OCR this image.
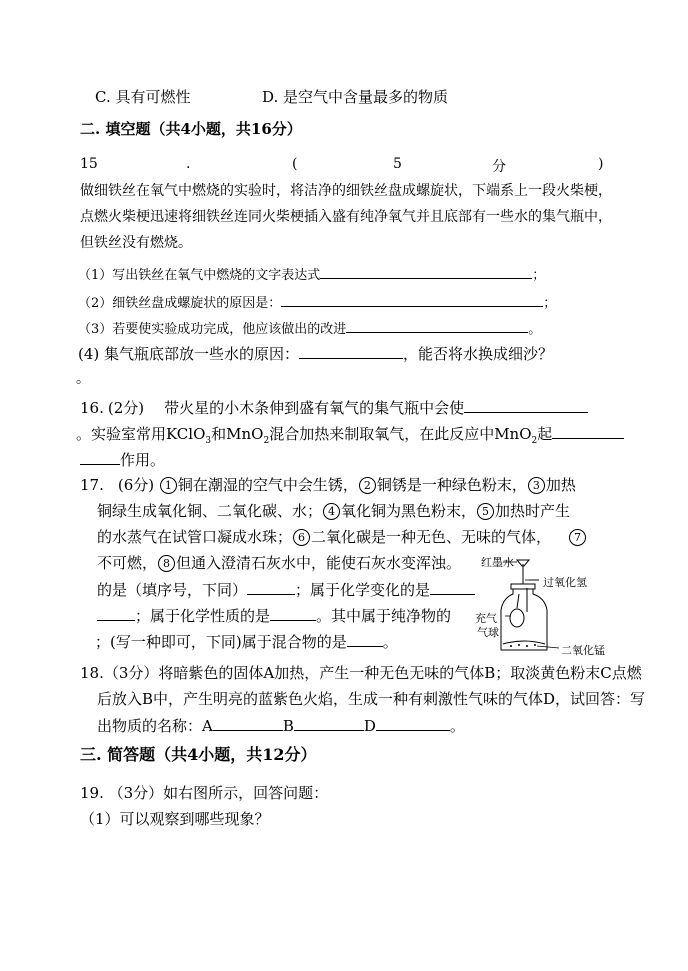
C. 具有可燃性	D. 是空气中含量最多的物质
二. 填空题（共4小题，共16分）
15	.	(	5	分	)
做细铁丝在氧气中燃烧的实验时，将洁净的细铁丝盘成螺旋状，下端系上一段火柴梗，
点燃火柴梗迅速将细铁丝连同火柴梗插入盛有纯净氧气并且底部有一些水的集气瓶中，
但铁丝没有燃烧。
（1）写出铁丝在氧气中燃烧的文字表达式	；
（2）细铁丝盘成螺旋状的原因是：	；
（3）若要使实验成功完成，他应该做出的改进	。
(4) 集气瓶底部放一些水的原因：	，能否将水换成细沙？
。
16. (2分) 带火星的小木条伸到盛有氧气的集气瓶中会使
。实验室常用KClO$_3$和MnO$_2$混合加热来制取氧气，在此反应中MnO$_2$起
作用。
17. (6分) 1 铜在潮湿的空气中会生锈， 2 铜锈是一种绿色粉末， 3 加热
铜绿生成氧化铜、二氧化碳、水； 4 氧化铜为黑色粉末， 5 加热时产生
的水蒸气在试管口凝成水珠； 6 二氧化碳是一种无色、无味的气体， 7
不可燃， 8 但通入澄清石灰水中，能使石灰水变浑浊。
的是（填序号，下同）	；属于化学变化的是
；属于化学性质的是	。其中属于纯净物的
；(写一种即可，下同)属于混合物的是 。
红墨水
过氧化氢
充气
气球
二氧化锰
18.（3分）将暗紫色的固体A加热，产生一种无色无味的气体B；取淡黄色粉末C点燃
后放入B中，产生明亮的蓝紫色火焰，生成一种有刺激性气味的气体D，试回答：写
出物质的名称：A	B	D	。
三. 简答题（共4小题，共12分）
19. （3分）如右图所示，回答问题：
（1）可以观察到哪些现象？
